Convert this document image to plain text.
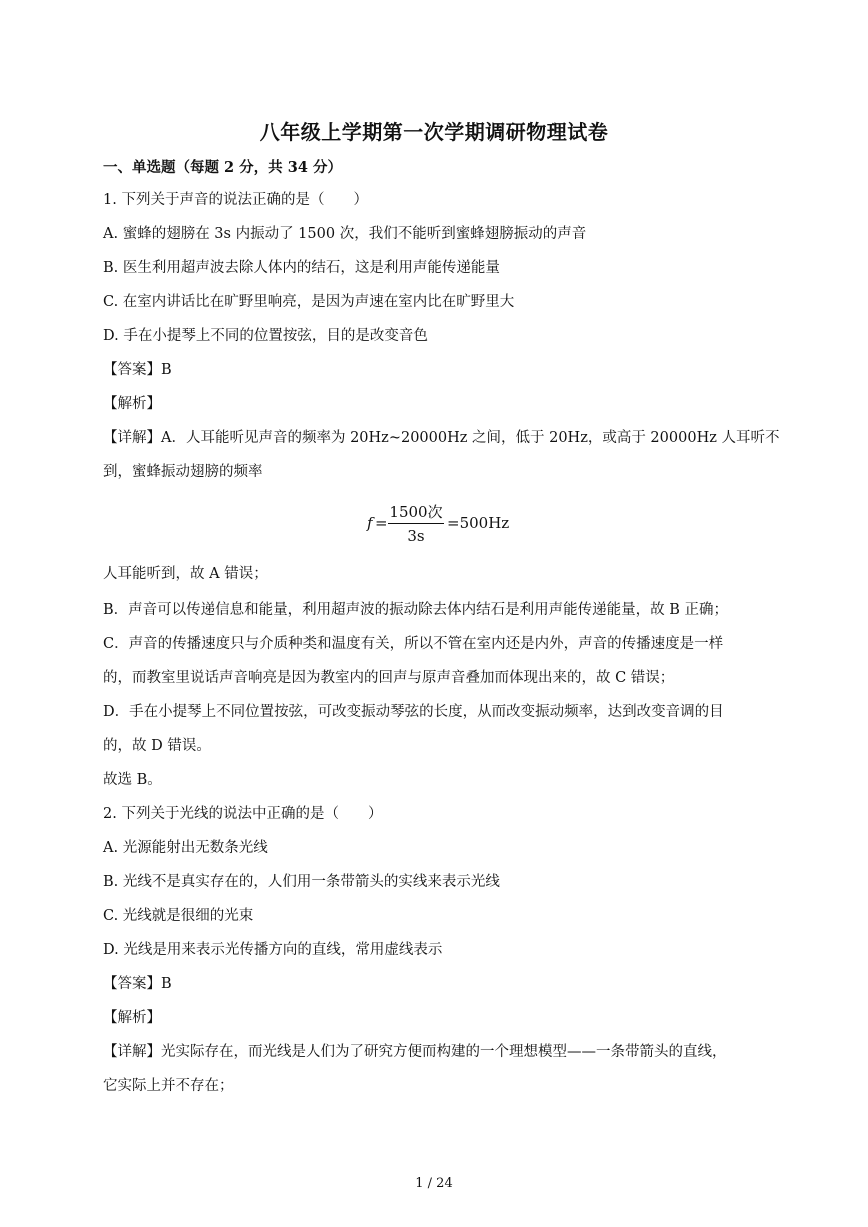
八年级上学期第一次学期调研物理试卷
一、单选题（每题 2 分，共 34 分）
1. 下列关于声音的说法正确的是（　　）
A. 蜜蜂的翅膀在 3s 内振动了 1500 次，我们不能听到蜜蜂翅膀振动的声音
B. 医生利用超声波去除人体内的结石，这是利用声能传递能量
C. 在室内讲话比在旷野里响亮，是因为声速在室内比在旷野里大
D. 手在小提琴上不同的位置按弦，目的是改变音色
【答案】B
【解析】
【详解】A．人耳能听见声音的频率为 20Hz~20000Hz 之间，低于 20Hz，或高于 20000Hz 人耳听不
到，蜜蜂振动翅膀的频率
f =
1500次
3s
=500Hz
人耳能听到，故 A 错误；
B．声音可以传递信息和能量，利用超声波的振动除去体内结石是利用声能传递能量，故 B 正确；
C．声音的传播速度只与介质种类和温度有关，所以不管在室内还是内外，声音的传播速度是一样
的，而教室里说话声音响亮是因为教室内的回声与原声音叠加而体现出来的，故 C 错误；
D．手在小提琴上不同位置按弦，可改变振动琴弦的长度，从而改变振动频率，达到改变音调的目
的，故 D 错误。
故选 B。
2. 下列关于光线的说法中正确的是（　　）
A. 光源能射出无数条光线
B. 光线不是真实存在的，人们用一条带箭头的实线来表示光线
C. 光线就是很细的光束
D. 光线是用来表示光传播方向的直线，常用虚线表示
【答案】B
【解析】
【详解】光实际存在，而光线是人们为了研究方便而构建的一个理想模型——一条带箭头的直线，
它实际上并不存在；
1 / 24
